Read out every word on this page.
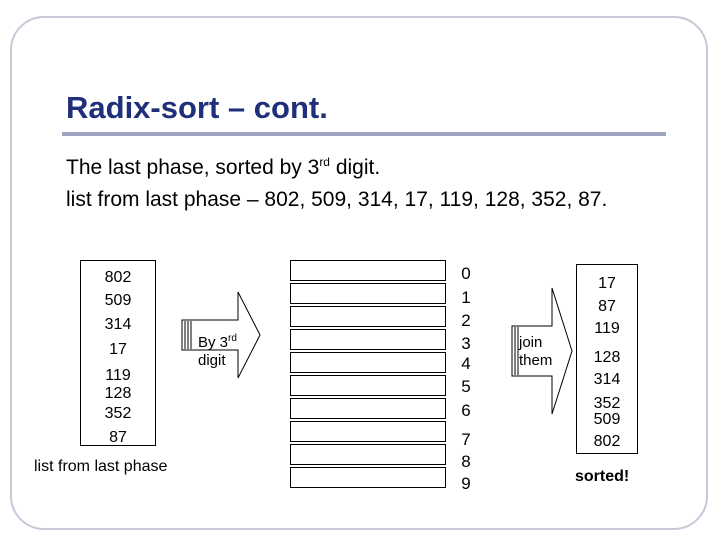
Radix-sort – cont.
The last phase, sorted by 3rd digit.
list from last phase – 802, 509, 314, 17, 119, 128, 352, 87.
802
509
314
17
119
128
352
87
list from last phase
By 3rd
digit
0
1
2
3
4
5
6
7
8
9
join
them
17
87
119
128
314
352
509
802
sorted!
